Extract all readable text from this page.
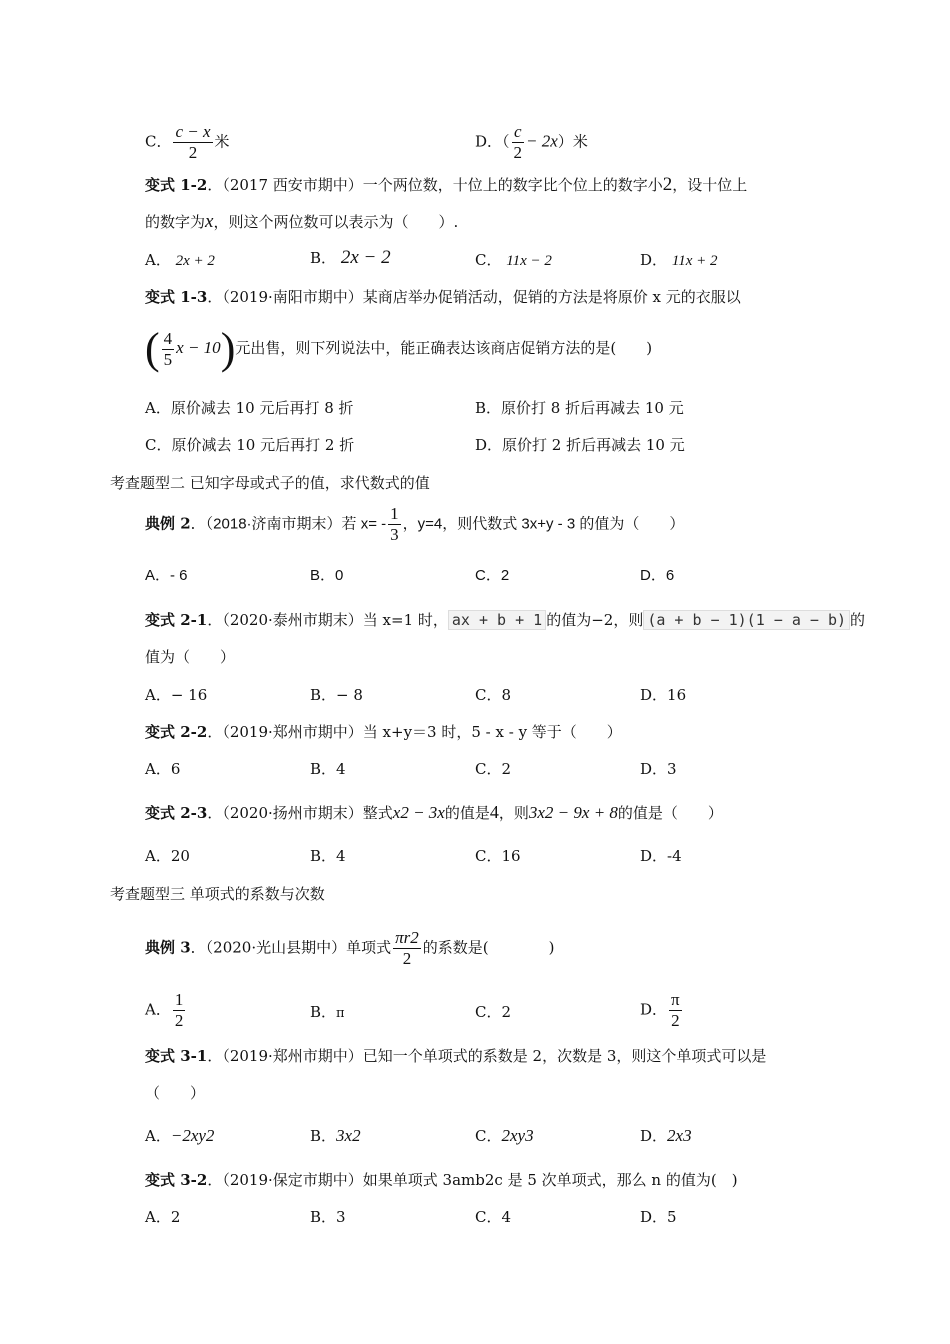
C． $\frac{c - x}{2}$ 米	D．（ $\frac{c}{2} - 2x$）米
变式 1-2．（2017 西安市期中）一个两位数，十位上的数字比个位上的数字小2，设十位上
的数字为x，则这个两位数可以表示为（　　）.
A． 2x + 2	B． 2x − 2	C． 11x − 2	D． 11x + 2
变式 1-3．（2019·南阳市期中）某商店举办促销活动，促销的方法是将原价 x 元的衣服以
( $\frac{4}{5}$ x − 10)元出售，则下列说法中，能正确表达该商店促销方法的是(　　)
A．原价减去 10 元后再打 8 折	B．原价打 8 折后再减去 10 元
C．原价减去 10 元后再打 2 折	D．原价打 2 折后再减去 10 元
考查题型二 已知字母或式子的值，求代数式的值
典例 2．（2018·济南市期末）若 $x= - \frac{1}{3}$ ，y=4，则代数式 3x+y - 3 的值为（　　）
A．- 6	B．0	C．2	D．6
变式 2-1．（2020·泰州市期末）当 x=1 时， ax + b + 1 的值为−2，则 (a + b − 1)(1 − a − b) 的
值为（　　）
A．− 16	B．− 8	C．8	D．16
变式 2-2．（2019·郑州市期中）当 x+y＝3 时，5 - x - y 等于（　　）
A．6	B．4	C．2	D．3
变式 2-3．（2020·扬州市期末）整式x2 − 3x的值是4，则3x2 − 9x + 8的值是（　　）
A．20	B．4	C．16	D．-4
考查题型三 单项式的系数与次数
典例 3．（2020·光山县期中）单项式 $\frac{\pi r2}{2}$ 的系数是(　　　　)
A． $\frac{1}{2}$	B．π	C．2	D． $\frac{\pi}{2}$
变式 3-1．（2019·郑州市期中）已知一个单项式的系数是 2，次数是 3，则这个单项式可以是
（　　）
A．−2xy2	B．3x2	C．2xy3	D．2x3
变式 3-2．（2019·保定市期中）如果单项式 3amb2c 是 5 次单项式，那么 n 的值为(　)
A．2	B．3	C．4	D．5
